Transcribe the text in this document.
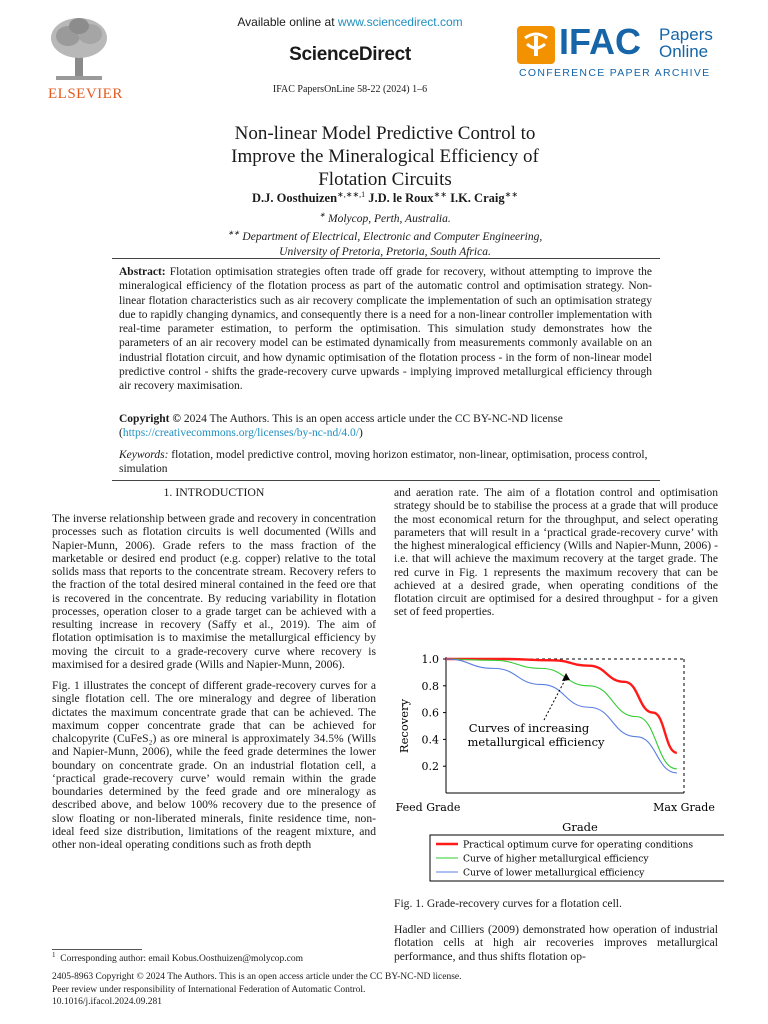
ELSEVIER
Available online at www.sciencedirect.com
ScienceDirect
IFAC PapersOnLine 58-22 (2024) 1–6
IFAC Papers
Online
CONFERENCE PAPER ARCHIVE
Non-linear Model Predictive Control to
Improve the Mineralogical Efficiency of
Flotation Circuits
D.J. Oosthuizen$^{∗,∗∗,1}$ J.D. le Roux∗∗ I.K. Craig∗∗
∗ Molycop, Perth, Australia.
∗∗ Department of Electrical, Electronic and Computer Engineering,
University of Pretoria, Pretoria, South Africa.
Abstract: Flotation optimisation strategies often trade off grade for recovery, without attempting to improve the mineralogical efficiency of the flotation process as part of the automatic control and optimisation strategy. Non-linear flotation characteristics such as air recovery complicate the implementation of such an optimisation strategy due to rapidly changing dynamics, and consequently there is a need for a non-linear controller implementation with real-time parameter estimation, to perform the optimisation. This simulation study demonstrates how the parameters of an air recovery model can be estimated dynamically from measurements commonly available on an industrial flotation circuit, and how dynamic optimisation of the flotation process - in the form of non-linear model predictive control - shifts the grade-recovery curve upwards - implying improved metallurgical efficiency through air recovery maximisation.
Copyright © 2024 The Authors. This is an open access article under the CC BY-NC-ND license
(https://creativecommons.org/licenses/by-nc-nd/4.0/)
Keywords: flotation, model predictive control, moving horizon estimator, non-linear, optimisation, process control, simulation
1. INTRODUCTION

The inverse relationship between grade and recovery in concentration processes such as flotation circuits is well documented (Wills and Napier-Munn, 2006). Grade refers to the mass fraction of the marketable or desired end product (e.g. copper) relative to the total solids mass that reports to the concentrate stream. Recovery refers to the fraction of the total desired mineral contained in the feed ore that is recovered in the concentrate. By reducing variability in flotation processes, operation closer to a grade target can be achieved with a resulting increase in recovery (Saffy et al., 2019). The aim of flotation optimisation is to maximise the metallurgical efficiency by moving the circuit to a grade-recovery curve where recovery is maximised for a desired grade (Wills and Napier-Munn, 2006).

Fig. 1 illustrates the concept of different grade-recovery curves for a single flotation cell. The ore mineralogy and degree of liberation dictates the maximum concentrate grade that can be achieved. The maximum copper concentrate grade that can be achieved for chalcopyrite (CuFeS₂) as ore mineral is approximately 34.5% (Wills and Napier-Munn, 2006), while the feed grade determines the lower boundary on concentrate grade. On an industrial flotation cell, a ‘practical grade-recovery curve’ would remain within the grade boundaries determined by the feed grade and ore mineralogy as described above, and below 100% recovery due to the presence of slow floating or non-liberated minerals, finite residence time, non-ideal feed size distribution, limitations of the reagent mixture, and other non-ideal operating conditions such as froth depth

$^1$ Corresponding author: email Kobus.Oosthuizen@molycop.com

and aeration rate. The aim of a flotation control and optimisation strategy should be to stabilise the process at a grade that will produce the most economical return for the throughput, and select operating parameters that will result in a ‘practical grade-recovery curve’ with the highest mineralogical efficiency (Wills and Napier-Munn, 2006) - i.e. that will achieve the maximum recovery at the target grade. The red curve in Fig. 1 represents the maximum recovery that can be achieved at a desired grade, when operating conditions of the flotation circuit are optimised for a desired throughput - for a given set of feed properties.

0.2
0.4
0.6
0.8
1.0
Feed Grade	Max Grade
Grade
Recovery	Curves of increasing
metallurgical efficiency
Practical optimum curve for operating conditions
Curve of higher metallurgical efficiency
Curve of lower metallurgical efficiency
Fig. 1. Grade-recovery curves for a flotation cell.

Hadler and Cilliers (2009) demonstrated how operation of industrial flotation cells at high air recoveries improves metallurgical performance, and thus shifts flotation op-

2405-8963 Copyright © 2024 The Authors. This is an open access article under the CC BY-NC-ND license.
Peer review under responsibility of International Federation of Automatic Control.
10.1016/j.ifacol.2024.09.281
